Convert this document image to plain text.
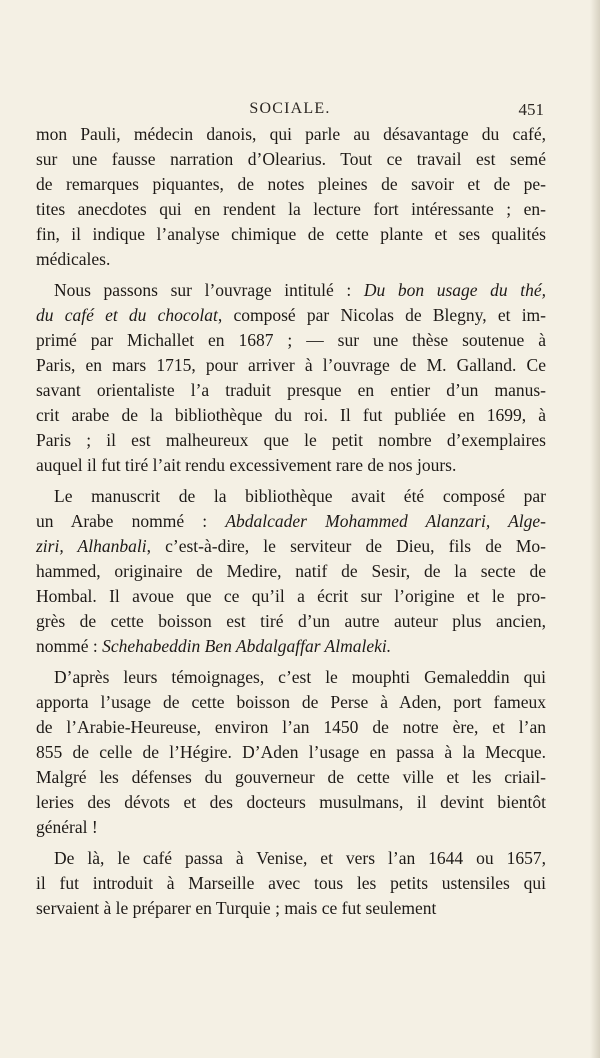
SOCIALE.	451
mon Pauli, médecin danois, qui parle au désavantage du café,
sur une fausse narration d’Olearius. Tout ce travail est semé
de remarques piquantes, de notes pleines de savoir et de pe-
tites anecdotes qui en rendent la lecture fort intéressante ; en-
fin, il indique l’analyse chimique de cette plante et ses qualités
médicales.
Nous passons sur l’ouvrage intitulé : Du bon usage du thé,
du café et du chocolat, composé par Nicolas de Blegny, et im-
primé par Michallet en 1687 ; — sur une thèse soutenue à
Paris, en mars 1715, pour arriver à l’ouvrage de M. Galland. Ce
savant orientaliste l’a traduit presque en entier d’un manus-
crit arabe de la bibliothèque du roi. Il fut publiée en 1699, à
Paris ; il est malheureux que le petit nombre d’exemplaires
auquel il fut tiré l’ait rendu excessivement rare de nos jours.
Le manuscrit de la bibliothèque avait été composé par
un Arabe nommé : Abdalcader Mohammed Alanzari, Alge-
ziri, Alhanbali, c’est-à-dire, le serviteur de Dieu, fils de Mo-
hammed, originaire de Medire, natif de Sesir, de la secte de
Hombal. Il avoue que ce qu’il a écrit sur l’origine et le pro-
grès de cette boisson est tiré d’un autre auteur plus ancien,
nommé : Schehabeddin Ben Abdalgaffar Almaleki.
D’après leurs témoignages, c’est le mouphti Gemaleddin qui
apporta l’usage de cette boisson de Perse à Aden, port fameux
de l’Arabie-Heureuse, environ l’an 1450 de notre ère, et l’an
855 de celle de l’Hégire. D’Aden l’usage en passa à la Mecque.
Malgré les défenses du gouverneur de cette ville et les criail-
leries des dévots et des docteurs musulmans, il devint bientôt
général !
De là, le café passa à Venise, et vers l’an 1644 ou 1657,
il fut introduit à Marseille avec tous les petits ustensiles qui
servaient à le préparer en Turquie ; mais ce fut seulement
